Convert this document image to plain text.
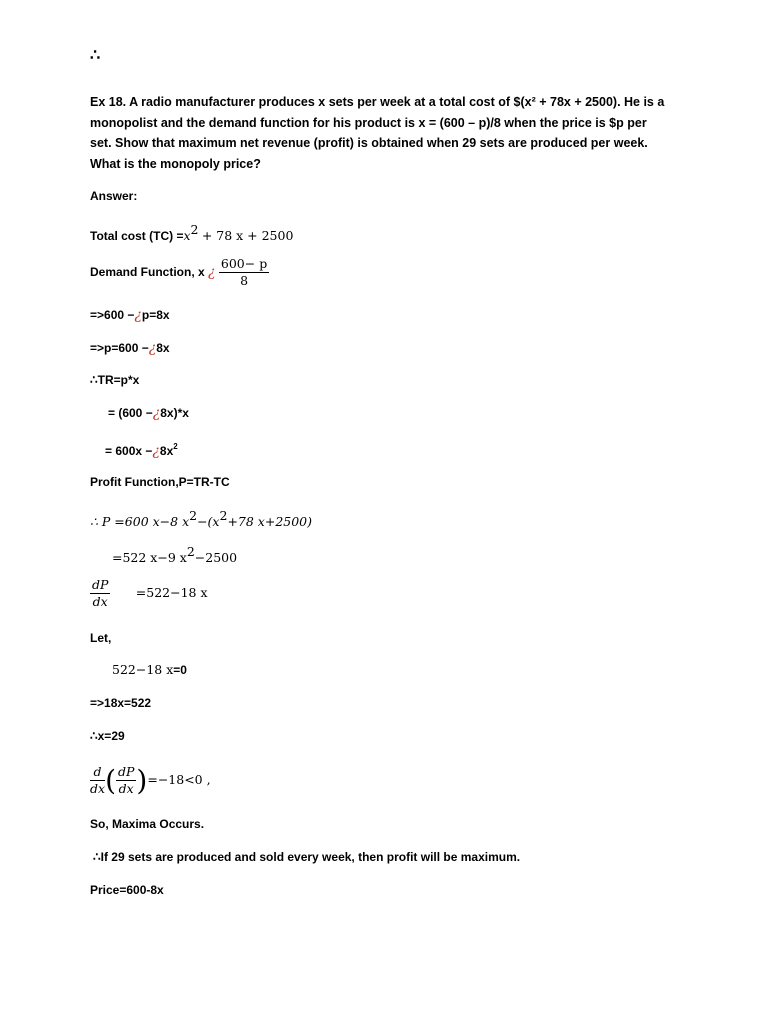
∴
Ex 18. A radio manufacturer produces x sets per week at a total cost of $(x² + 78x + 2500). He is a monopolist and the demand function for his product is x = (600 – p)/8 when the price is $p per set. Show that maximum net revenue (profit) is obtained when 29 sets are produced per week. What is the monopoly price?
Answer:
Total cost $(TC) =x^2 + 78$ x + 2500
Demand Function, x ¿ $\frac{600- p}{8}$
=>600 −¿p=8x
=>p=600 −¿8x
∴TR=p*x
= (600 −¿8x)*x
= $600x -¿8x^2$
Profit Function,P=TR-TC
∴ P =600 x−8 $x^2-(x^2+78$ x+2500)
=522 x−9 $x^2-2500$
$\frac{dP}{dx} =522-18$ x
Let,
522−18 x=0
=>18x=522
∴x=29
$\frac{d}{dx}$ ( $\frac{dP}{dx} )=-18<0$ ,
So, Maxima Occurs.
∴If 29 sets are produced and sold every week, then profit will be maximum.
Price=600-8x
